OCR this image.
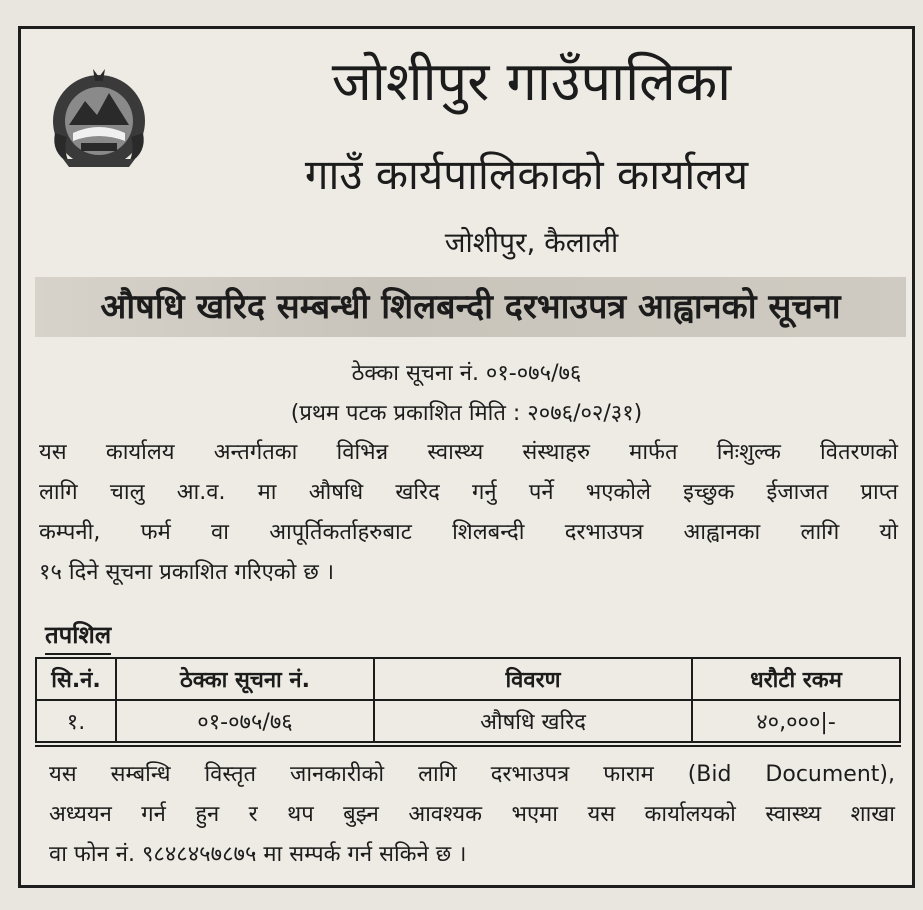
जोशीपुर गाउँपालिका
गाउँ कार्यपालिकाको कार्यालय
जोशीपुर, कैलाली
औषधि खरिद सम्बन्धी शिलबन्दी दरभाउपत्र आह्वानको सूचना
ठेक्का सूचना नं. ०१-०७५/७६
(प्रथम पटक प्रकाशित मिति : २०७६/०२/३१)
यस कार्यालय अन्तर्गतका विभिन्न स्वास्थ्य संस्थाहरु मार्फत निःशुल्क वितरणको
लागि चालु आ.व. मा औषधि खरिद गर्नु पर्ने भएकोले इच्छुक ईजाजत प्राप्त
कम्पनी, फर्म वा आपूर्तिकर्ताहरुबाट शिलबन्दी दरभाउपत्र आह्वानका लागि यो
१५ दिने सूचना प्रकाशित गरिएको छ ।
तपशिल
सि.नं.	ठेक्का सूचना नं.	विवरण	धरौटी रकम
१.	०१-०७५/७६	औषधि खरिद	४०,०००|-
यस सम्बन्धि विस्तृत जानकारीको लागि दरभाउपत्र फाराम (Bid Document),
अध्ययन गर्न हुन र थप बुझ्न आवश्यक भएमा यस कार्यालयको स्वास्थ्य शाखा
वा फोन नं. ९८४८४५७८७५ मा सम्पर्क गर्न सकिने छ ।
